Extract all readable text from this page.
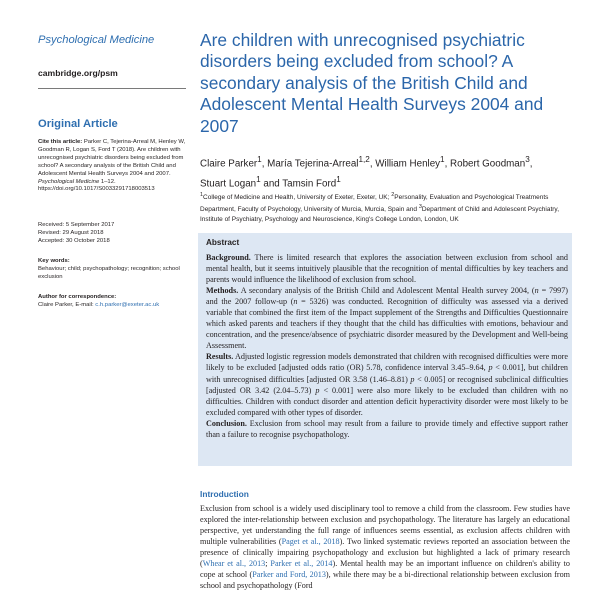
Psychological Medicine
cambridge.org/psm
Original Article
Cite this article: Parker C, Tejerina-Arreal M, Henley W, Goodman R, Logan S, Ford T (2018). Are children with unrecognised psychiatric disorders being excluded from school? A secondary analysis of the British Child and Adolescent Mental Health Surveys 2004 and 2007. Psychological Medicine 1–12. https://doi.org/10.1017/S0033291718003513

Received: 5 September 2017

Revised: 29 August 2018

Accepted: 30 October 2018

Key words:

Behaviour; child; psychopathology; recognition; school exclusion

Author for correspondence:

Claire Parker, E-mail: c.h.parker@exeter.ac.uk

Are children with unrecognised psychiatric disorders being excluded from school? A secondary analysis of the British Child and Adolescent Mental Health Surveys 2004 and 2007
Claire Parker$^1$, María Tejerina-Arreal$^{1,2}$, William Henley$^1$, Robert Goodman$^3$,
Stuart Logan$^1$ and Tamsin Ford$^1$
$^1$College of Medicine and Health, University of Exeter, Exeter, UK; $^2$Personality, Evaluation and Psychological Treatments Department, Faculty of Psychology, University of Murcia, Murcia, Spain and $^3$Department of Child and Adolescent Psychiatry, Institute of Psychiatry, Psychology and Neuroscience, King's College London, London, UK
Abstract

Background. There is limited research that explores the association between exclusion from school and mental health, but it seems intuitively plausible that the recognition of mental difficulties by key teachers and parents would influence the likelihood of exclusion from school.

Methods. A secondary analysis of the British Child and Adolescent Mental Health survey 2004, (n = 7997) and the 2007 follow-up (n = 5326) was conducted. Recognition of difficulty was assessed via a derived variable that combined the first item of the Impact supplement of the Strengths and Difficulties Questionnaire which asked parents and teachers if they thought that the child has difficulties with emotions, behaviour and concentration, and the presence/absence of psychiatric disorder measured by the Development and Well-being Assessment.

Results. Adjusted logistic regression models demonstrated that children with recognised difficulties were more likely to be excluded [adjusted odds ratio (OR) 5.78, confidence interval 3.45–9.64, p < 0.001], but children with unrecognised difficulties [adjusted OR 3.58 (1.46–8.81) p < 0.005] or recognised subclinical difficulties [adjusted OR 3.42 (2.04–5.73) p < 0.001] were also more likely to be excluded than children with no difficulties. Children with conduct disorder and attention deficit hyperactivity disorder were most likely to be excluded compared with other types of disorder.

Conclusion. Exclusion from school may result from a failure to provide timely and effective support rather than a failure to recognise psychopathology.

Introduction
Exclusion from school is a widely used disciplinary tool to remove a child from the classroom. Few studies have explored the inter-relationship between exclusion and psychopathology. The literature has largely an educational perspective, yet understanding the full range of influences seems essential, as exclusion affects children with multiple vulnerabilities (Paget et al., 2018). Two linked systematic reviews reported an association between the presence of clinically impairing psychopathology and exclusion but highlighted a lack of primary research (Whear et al., 2013; Parker et al., 2014). Mental health may be an important influence on children's ability to cope at school (Parker and Ford, 2013), while there may be a bi-directional relationship between exclusion from school and psychopathology (Ford
